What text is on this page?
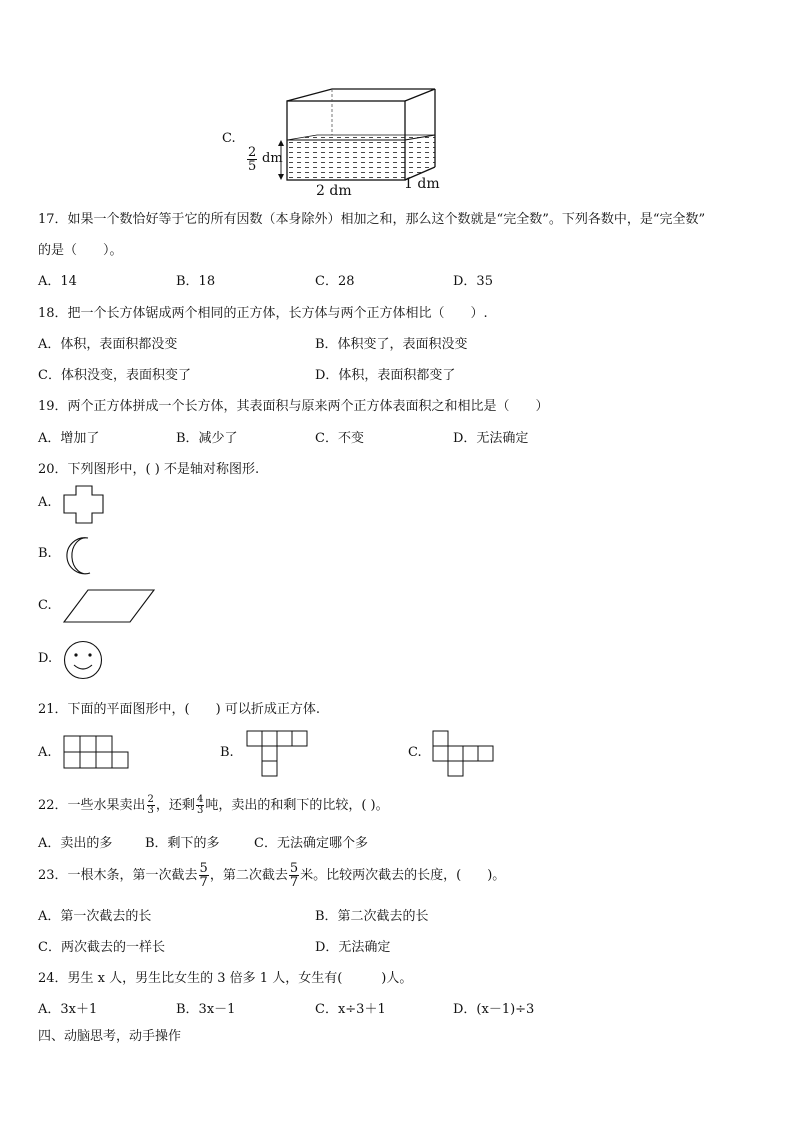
C.
$\frac{2}{5}$ dm
2 dm	1 dm
17．如果一个数恰好等于它的所有因数（本身除外）相加之和，那么这个数就是“完全数”。下列各数中，是“完全数”
的是（　　）。
A．14	B．18	C．28	D．35
18．把一个长方体锯成两个相同的正方体，长方体与两个正方体相比（　　）.
A．体积，表面积都没变	B．体积变了，表面积没变
C．体积没变，表面积变了	D．体积，表面积都变了
19．两个正方体拼成一个长方体，其表面积与原来两个正方体表面积之和相比是（　　）
A．增加了	B．减少了	C．不变	D．无法确定
20．下列图形中，( ) 不是轴对称图形.
A.
B.
C.
D.
21．下面的平面图形中，(　　) 可以折成正方体.
A.	B.	C.
22．一些水果卖出 $\frac{2}{3}$ ，还剩 $\frac{4}{3}$ 吨，卖出的和剩下的比较，( )。
A．卖出的多	B．剩下的多	C．无法确定哪个多
23．一根木条，第一次截去 $\frac{5}{7}$ ，第二次截去 $\frac{5}{7}$ 米。比较两次截去的长度，(　　)。
A．第一次截去的长	B．第二次截去的长
C．两次截去的一样长	D．无法确定
24．男生 x 人，男生比女生的 3 倍多 1 人，女生有(　　　)人。
A．3x＋1	B．3x－1	C．x÷3＋1	D．(x－1)÷3
四、动脑思考，动手操作
